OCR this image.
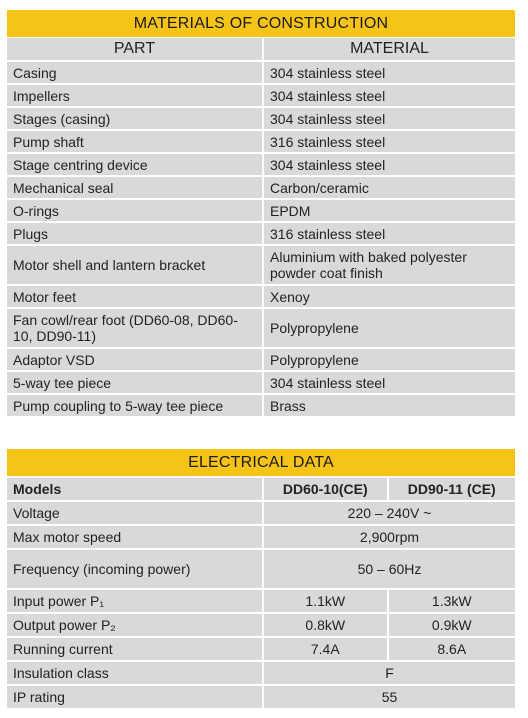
MATERIALS OF CONSTRUCTION
PART	MATERIAL
Casing	304 stainless steel
Impellers	304 stainless steel
Stages (casing)	304 stainless steel
Pump shaft	316 stainless steel
Stage centring device	304 stainless steel
Mechanical seal	Carbon/ceramic
O-rings	EPDM
Plugs	316 stainless steel
Motor shell and lantern bracket	Aluminium with baked polyester powder coat finish
Motor feet	Xenoy
Fan cowl/rear foot (DD60-08, DD60-10, DD90-11)	Polypropylene
Adaptor VSD	Polypropylene
5-way tee piece	304 stainless steel
Pump coupling to 5-way tee piece	Brass
ELECTRICAL DATA
Models	DD60-10(CE)	DD90-11 (CE)
Voltage	220 – 240V ~	
Max motor speed	2,900rpm	
Frequency (incoming power)	50 – 60Hz	
Input power P₁	1.1kW	1.3kW
Output power P₂	0.8kW	0.9kW
Running current	7.4A	8.6A
Insulation class	F	
IP rating	55	
